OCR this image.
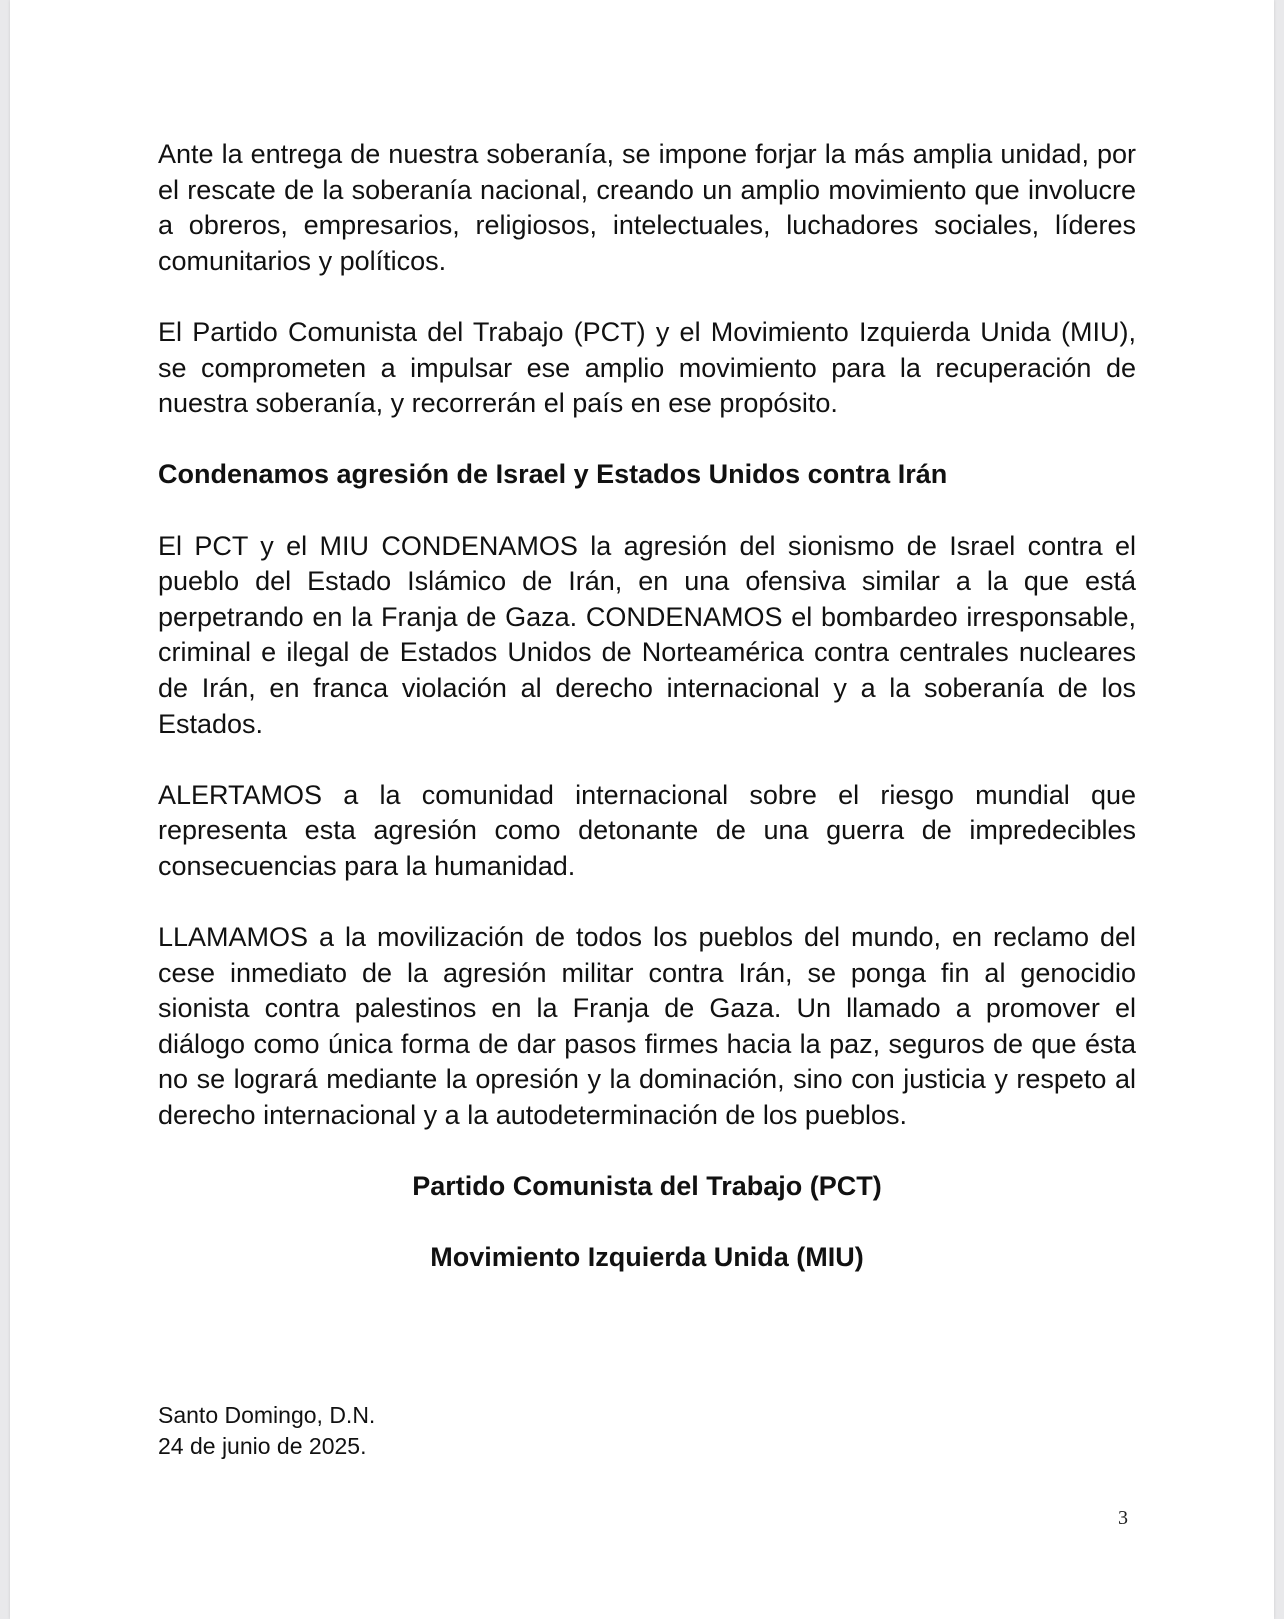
Ante la entrega de nuestra soberanía, se impone forjar la más amplia unidad, por el rescate de la soberanía nacional, creando un amplio movimiento que involucre a obreros, empresarios, religiosos, intelectuales, luchadores sociales, líderes comunitarios y políticos.

El Partido Comunista del Trabajo (PCT) y el Movimiento Izquierda Unida (MIU), se comprometen a impulsar ese amplio movimiento para la recuperación de nuestra soberanía, y recorrerán el país en ese propósito.

Condenamos agresión de Israel y Estados Unidos contra Irán

El PCT y el MIU CONDENAMOS la agresión del sionismo de Israel contra el pueblo del Estado Islámico de Irán, en una ofensiva similar a la que está perpetrando en la Franja de Gaza. CONDENAMOS el bombardeo irresponsable, criminal e ilegal de Estados Unidos de Norteamérica contra centrales nucleares de Irán, en franca violación al derecho internacional y a la soberanía de los Estados.

ALERTAMOS a la comunidad internacional sobre el riesgo mundial que representa esta agresión como detonante de una guerra de impredecibles consecuencias para la humanidad.

LLAMAMOS a la movilización de todos los pueblos del mundo, en reclamo del cese inmediato de la agresión militar contra Irán, se ponga fin al genocidio sionista contra palestinos en la Franja de Gaza. Un llamado a promover el diálogo como única forma de dar pasos firmes hacia la paz, seguros de que ésta no se logrará mediante la opresión y la dominación, sino con justicia y respeto al derecho internacional y a la autodeterminación de los pueblos.

Partido Comunista del Trabajo (PCT)
Movimiento Izquierda Unida (MIU)
Santo Domingo, D.N.
24 de junio de 2025.
3
